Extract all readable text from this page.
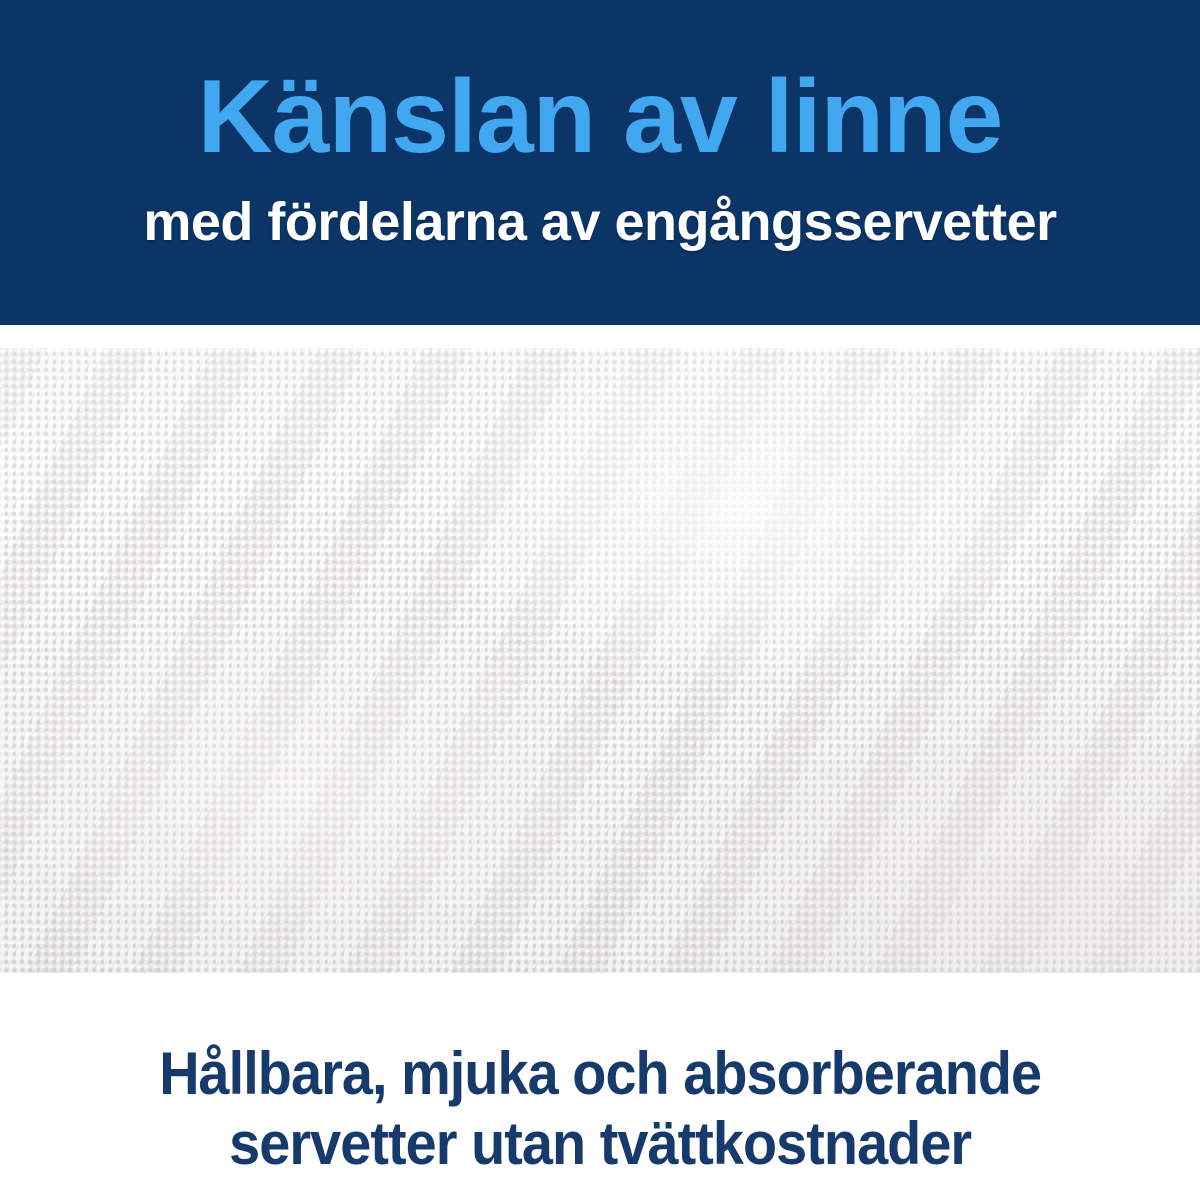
Känslan av linne

med fördelarna av engångsservetter

Hållbara, mjuka och absorberande
servetter utan tvättkostnader
